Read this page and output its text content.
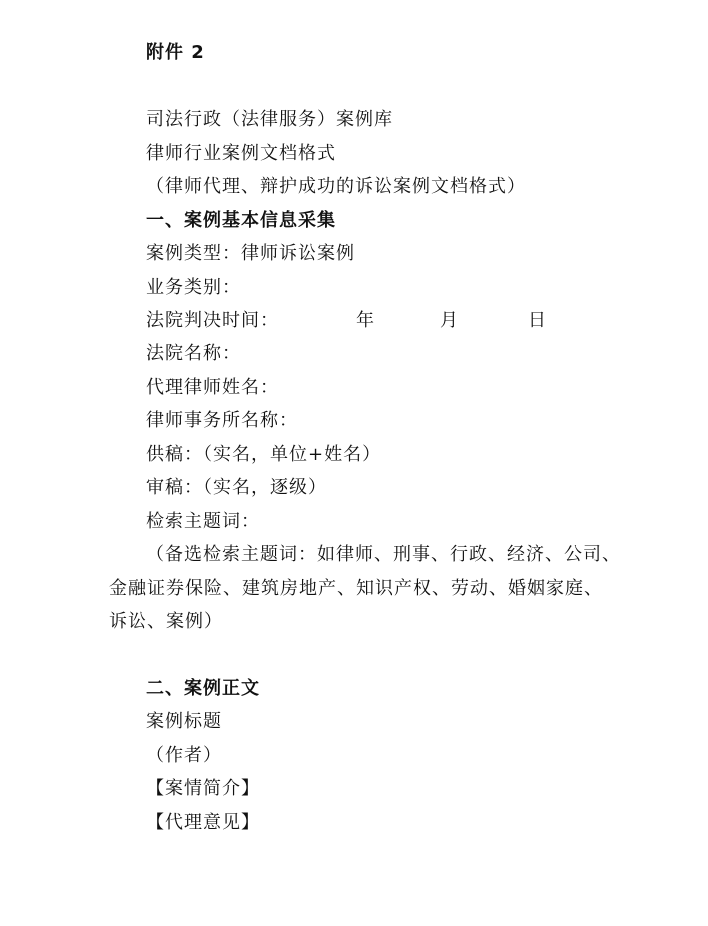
附件 2
司法行政（法律服务）案例库
律师行业案例文档格式
（律师代理、辩护成功的诉讼案例文档格式）
一、案例基本信息采集
案例类型：律师诉讼案例
业务类别：
法院判决时间：	年	月	日
法院名称：
代理律师姓名：
律师事务所名称：
供稿：（实名，单位+姓名）
审稿：（实名，逐级）
检索主题词：
（备选检索主题词：如律师、刑事、行政、经济、公司、
金融证券保险、建筑房地产、知识产权、劳动、婚姻家庭、
诉讼、案例）
二、案例正文
案例标题
（作者）
【案情简介】
【代理意见】
